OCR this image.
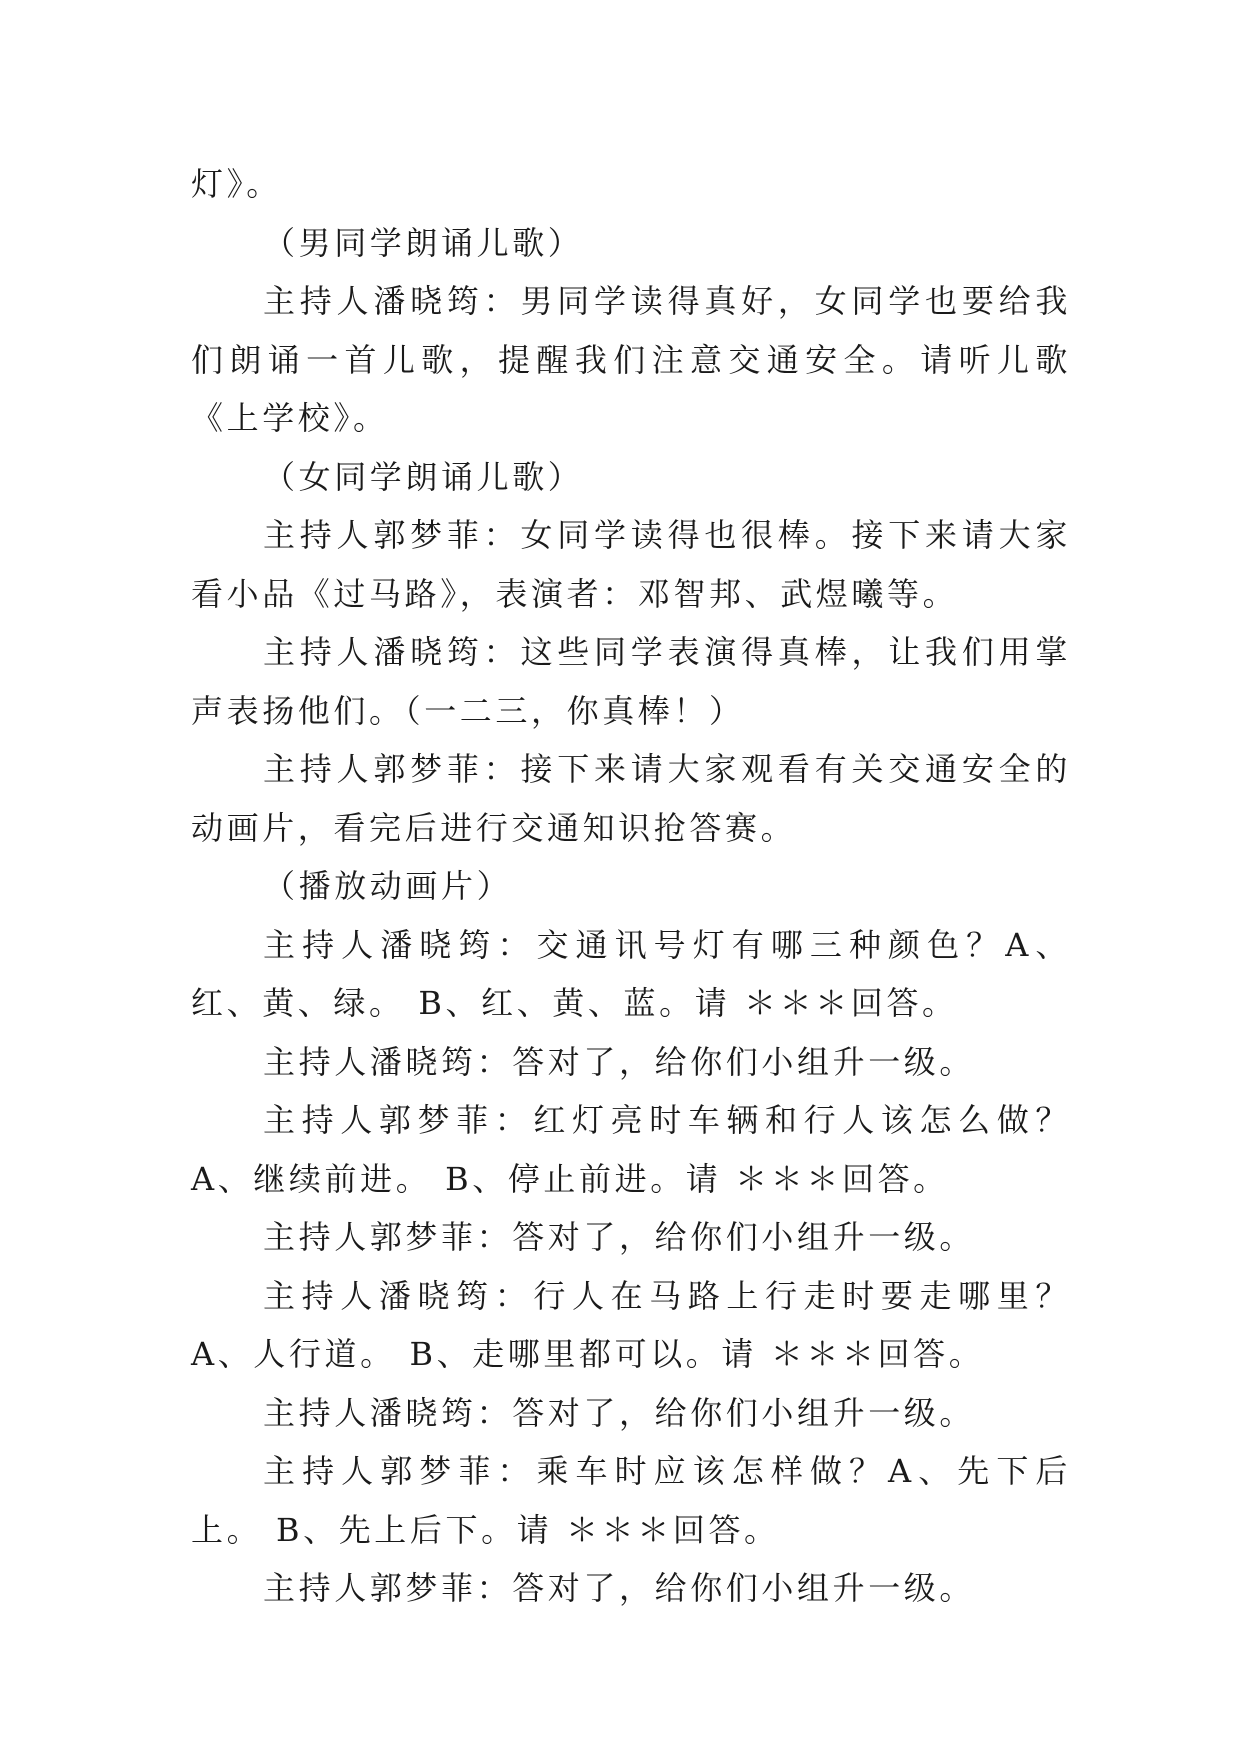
灯》。

（男同学朗诵儿歌）

主持人潘晓筠：男同学读得真好，女同学也要给我们朗诵一首儿歌，提醒我们注意交通安全。请听儿歌《上学校》。

（女同学朗诵儿歌）

主持人郭梦菲：女同学读得也很棒。接下来请大家看小品《过马路》，表演者：邓智邦、武煜曦等。

主持人潘晓筠：这些同学表演得真棒，让我们用掌声表扬他们。（一二三，你真棒！）

主持人郭梦菲：接下来请大家观看有关交通安全的动画片，看完后进行交通知识抢答赛。

（播放动画片）

主持人潘晓筠：交通讯号灯有哪三种颜色？A、红、黄、绿。 B、红、黄、蓝。请 ＊＊＊回答。

主持人潘晓筠：答对了，给你们小组升一级。

主持人郭梦菲：红灯亮时车辆和行人该怎么做？A、继续前进。 B、停止前进。请 ＊＊＊回答。

主持人郭梦菲：答对了，给你们小组升一级。

主持人潘晓筠：行人在马路上行走时要走哪里？A、人行道。 B、走哪里都可以。请 ＊＊＊回答。

主持人潘晓筠：答对了，给你们小组升一级。

主持人郭梦菲：乘车时应该怎样做？A、先下后上。 B、先上后下。请 ＊＊＊回答。

主持人郭梦菲：答对了，给你们小组升一级。
